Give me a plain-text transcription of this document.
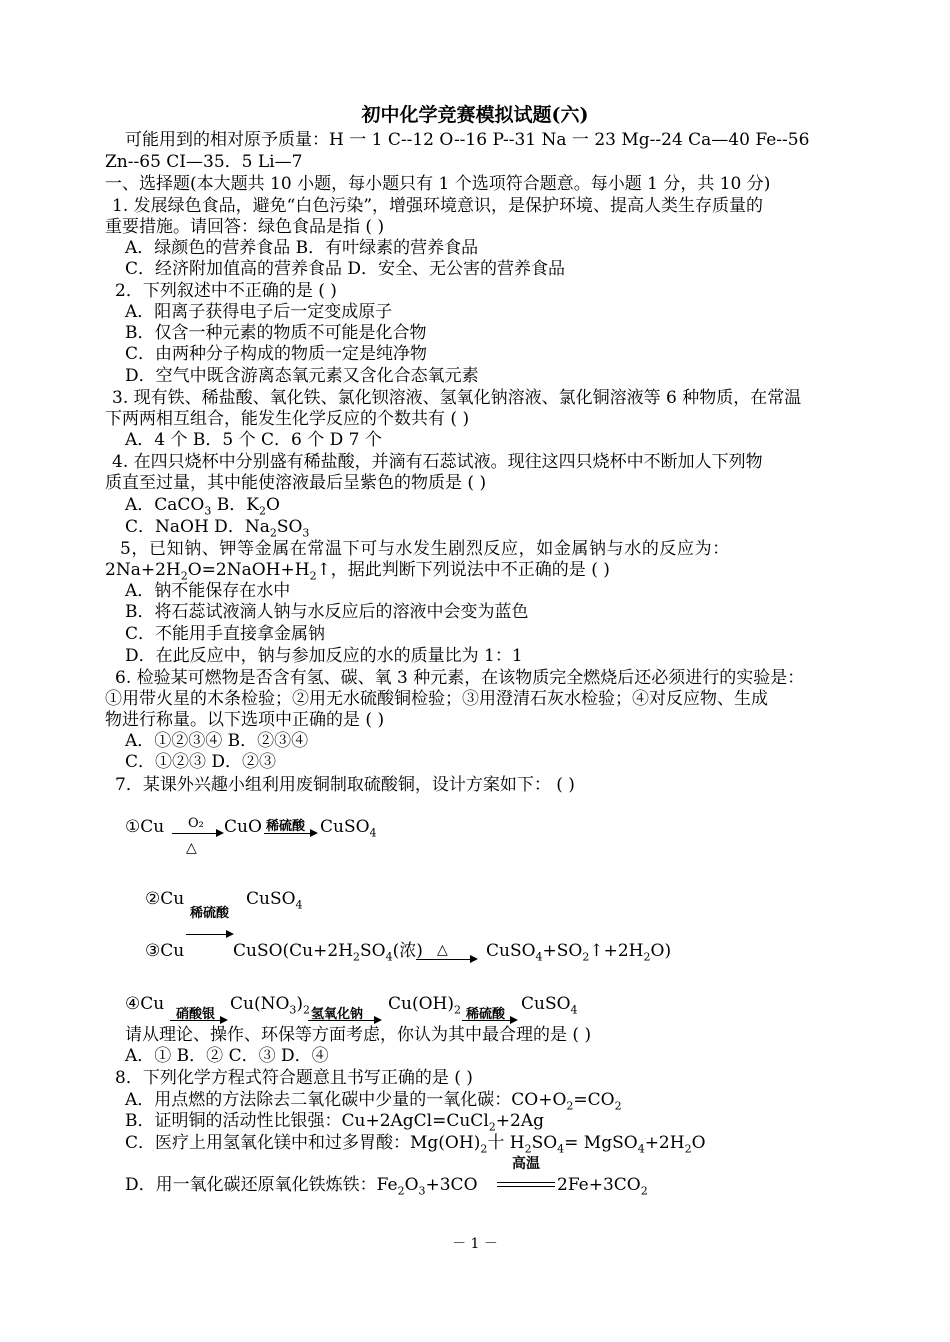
初中化学竞赛模拟试题(六)
可能用到的相对原予质量：H 一 1 C--12 O--16 P--31 Na 一 23 Mg--24 Ca—40 Fe--56
Zn--65 CI—35．5 Li—7
一、选择题(本大题共 10 小题，每小题只有 1 个选项符合题意。每小题 1 分，共 10 分)
1. 发展绿色食品，避免“白色污染”，增强环境意识，是保护环境、提高人类生存质量的
重要措施。请回答：绿色食品是指 ( )
A．绿颜色的营养食品 B．有叶绿素的营养食品
C．经济附加值高的营养食品 D．安全、无公害的营养食品
2．下列叙述中不正确的是 ( )
A．阳离子获得电子后一定变成原子
B．仅含一种元素的物质不可能是化合物
C．由两种分子构成的物质一定是纯净物
D．空气中既含游离态氧元素又含化合态氧元素
3. 现有铁、稀盐酸、氧化铁、氯化钡溶液、氢氧化钠溶液、氯化铜溶液等 6 种物质，在常温
下两两相互组合，能发生化学反应的个数共有 ( )
A．4 个 B．5 个 C．6 个 D 7 个
4. 在四只烧杯中分别盛有稀盐酸，并滴有石蕊试液。现往这四只烧杯中不断加人下列物
质直至过量，其中能使溶液最后呈紫色的物质是 ( )
A．CaCO$_3$ B．$K_2O$
C．NaOH D．$Na_2SO_3$
5，已知钠、钾等金属在常温下可与水发生剧烈反应，如金属钠与水的反应为：
$2Na+2H_2O=2NaOH+H_2↑$，据此判断下列说法中不正确的是 ( )
A．钠不能保存在水中
B．将石蕊试液滴人钠与水反应后的溶液中会变为蓝色
C．不能用手直接拿金属钠
D．在此反应中，钠与参加反应的水的质量比为 1：1
6. 检验某可燃物是否含有氢、碳、氧 3 种元素，在该物质完全燃烧后还必须进行的实验是：
①用带火星的木条检验；②用无水硫酸铜检验；③用澄清石灰水检验；④对反应物、生成
物进行称量。以下选项中正确的是 ( )
A．①②③④ B．②③④
C．①②③ D．②③
7．某课外兴趣小组利用废铜制取硫酸铜，设计方案如下： ( )
①Cu O₂
△
CuO 稀硫酸 CuSO$_4$
②Cu
稀硫酸
CuSO$_4$
③Cu	$CuSO(Cu+2H_2SO_4$(浓) △ $CuSO_4+SO_2↑+2H_2O$)
④Cu
硝酸银
$Cu(NO_3)_2$ 氢氧化钠
$Cu(OH)_2$ 稀硫酸
CuSO$_4$
请从理论、操作、环保等方面考虑，你认为其中最合理的是 ( )
A．① B．② C．③ D．④
8．下列化学方程式符合题意且书写正确的是 ( )
A．用点燃的方法除去二氧化碳中少量的一氧化碳：$CO+O_2=CO_2$
B．证明铜的活动性比银强：Cu+2AgCl=CuCl$_2$+2Ag
C．医疗上用氢氧化镁中和过多胃酸：$Mg(OH)_2$十 $H_2SO_4=$ $MgSO_4+2H_2O$
高温
D．用一氧化碳还原氧化铁炼铁：$Fe_2O_3+3CO$	$2Fe+3CO_2$
－ 1 －
